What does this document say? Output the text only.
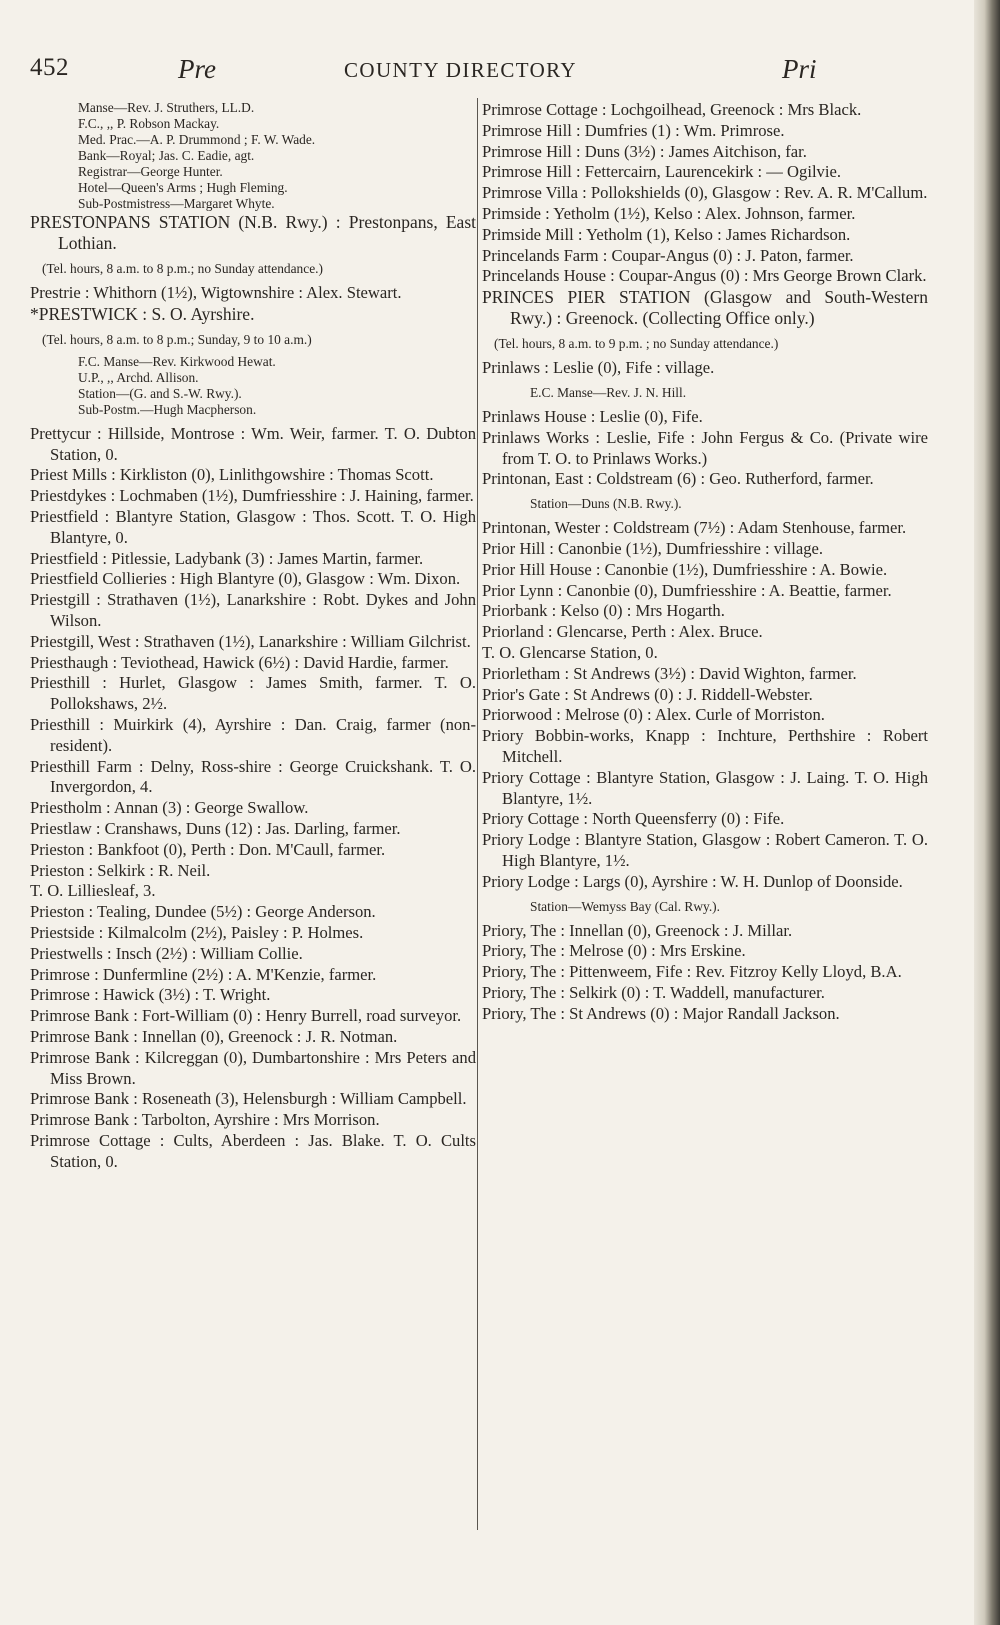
452	Pre	COUNTY DIRECTORY	Pri

Manse—Rev. J. Struthers, LL.D.

F.C., ,, P. Robson Mackay.

Med. Prac.—A. P. Drummond ; F. W. Wade.

Bank—Royal; Jas. C. Eadie, agt.

Registrar—George Hunter.

Hotel—Queen's Arms ; Hugh Fleming.

Sub-Postmistress—Margaret Whyte.

PRESTONPANS STATION (N.B. Rwy.) : Prestonpans, East Lothian.

(Tel. hours, 8 a.m. to 8 p.m.; no Sunday attendance.)

Prestrie : Whithorn (1½), Wigtownshire : Alex. Stewart.

*PRESTWICK : S. O. Ayrshire.

(Tel. hours, 8 a.m. to 8 p.m.; Sunday, 9 to 10 a.m.)

F.C. Manse—Rev. Kirkwood Hewat.

U.P., ,, Archd. Allison.

Station—(G. and S.-W. Rwy.).

Sub-Postm.—Hugh Macpherson.

Prettycur : Hillside, Montrose : Wm. Weir, farmer. T. O. Dubton Station, 0.

Priest Mills : Kirkliston (0), Linlithgowshire : Thomas Scott.

Priestdykes : Lochmaben (1½), Dumfriesshire : J. Haining, farmer.

Priestfield : Blantyre Station, Glasgow : Thos. Scott. T. O. High Blantyre, 0.

Priestfield : Pitlessie, Ladybank (3) : James Martin, farmer.

Priestfield Collieries : High Blantyre (0), Glasgow : Wm. Dixon.

Priestgill : Strathaven (1½), Lanarkshire : Robt. Dykes and John Wilson.

Priestgill, West : Strathaven (1½), Lanarkshire : William Gilchrist.

Priesthaugh : Teviothead, Hawick (6½) : David Hardie, farmer.

Priesthill : Hurlet, Glasgow : James Smith, farmer. T. O. Pollokshaws, 2½.

Priesthill : Muirkirk (4), Ayrshire : Dan. Craig, farmer (non-resident).

Priesthill Farm : Delny, Ross-shire : George Cruickshank. T. O. Invergordon, 4.

Priestholm : Annan (3) : George Swallow.

Priestlaw : Cranshaws, Duns (12) : Jas. Darling, farmer.

Prieston : Bankfoot (0), Perth : Don. M'Caull, farmer.

Prieston : Selkirk : R. Neil.

T. O. Lilliesleaf, 3.

Prieston : Tealing, Dundee (5½) : George Anderson.

Priestside : Kilmalcolm (2½), Paisley : P. Holmes.

Priestwells : Insch (2½) : William Collie.

Primrose : Dunfermline (2½) : A. M'Kenzie, farmer.

Primrose : Hawick (3½) : T. Wright.

Primrose Bank : Fort-William (0) : Henry Burrell, road surveyor.

Primrose Bank : Innellan (0), Greenock : J. R. Notman.

Primrose Bank : Kilcreggan (0), Dumbartonshire : Mrs Peters and Miss Brown.

Primrose Bank : Roseneath (3), Helensburgh : William Campbell.

Primrose Bank : Tarbolton, Ayrshire : Mrs Morrison.

Primrose Cottage : Cults, Aberdeen : Jas. Blake. T. O. Cults Station, 0.

Primrose Cottage : Lochgoilhead, Greenock : Mrs Black.

Primrose Hill : Dumfries (1) : Wm. Primrose.

Primrose Hill : Duns (3½) : James Aitchison, far.

Primrose Hill : Fettercairn, Laurencekirk : — Ogilvie.

Primrose Villa : Pollokshields (0), Glasgow : Rev. A. R. M'Callum.

Primside : Yetholm (1½), Kelso : Alex. Johnson, farmer.

Primside Mill : Yetholm (1), Kelso : James Richardson.

Princelands Farm : Coupar-Angus (0) : J. Paton, farmer.

Princelands House : Coupar-Angus (0) : Mrs George Brown Clark.

PRINCES PIER STATION (Glasgow and South-Western Rwy.) : Greenock. (Collecting Office only.)

(Tel. hours, 8 a.m. to 9 p.m. ; no Sunday attendance.)

Prinlaws : Leslie (0), Fife : village.

E.C. Manse—Rev. J. N. Hill.

Prinlaws House : Leslie (0), Fife.

Prinlaws Works : Leslie, Fife : John Fergus & Co. (Private wire from T. O. to Prinlaws Works.)

Printonan, East : Coldstream (6) : Geo. Rutherford, farmer.

Station—Duns (N.B. Rwy.).

Printonan, Wester : Coldstream (7½) : Adam Stenhouse, farmer.

Prior Hill : Canonbie (1½), Dumfriesshire : village.

Prior Hill House : Canonbie (1½), Dumfriesshire : A. Bowie.

Prior Lynn : Canonbie (0), Dumfriesshire : A. Beattie, farmer.

Priorbank : Kelso (0) : Mrs Hogarth.

Priorland : Glencarse, Perth : Alex. Bruce.

T. O. Glencarse Station, 0.

Priorletham : St Andrews (3½) : David Wighton, farmer.

Prior's Gate : St Andrews (0) : J. Riddell-Webster.

Priorwood : Melrose (0) : Alex. Curle of Morriston.

Priory Bobbin-works, Knapp : Inchture, Perthshire : Robert Mitchell.

Priory Cottage : Blantyre Station, Glasgow : J. Laing. T. O. High Blantyre, 1½.

Priory Cottage : North Queensferry (0) : Fife.

Priory Lodge : Blantyre Station, Glasgow : Robert Cameron. T. O. High Blantyre, 1½.

Priory Lodge : Largs (0), Ayrshire : W. H. Dunlop of Doonside.

Station—Wemyss Bay (Cal. Rwy.).

Priory, The : Innellan (0), Greenock : J. Millar.

Priory, The : Melrose (0) : Mrs Erskine.

Priory, The : Pittenweem, Fife : Rev. Fitzroy Kelly Lloyd, B.A.

Priory, The : Selkirk (0) : T. Waddell, manufacturer.

Priory, The : St Andrews (0) : Major Randall Jackson.
